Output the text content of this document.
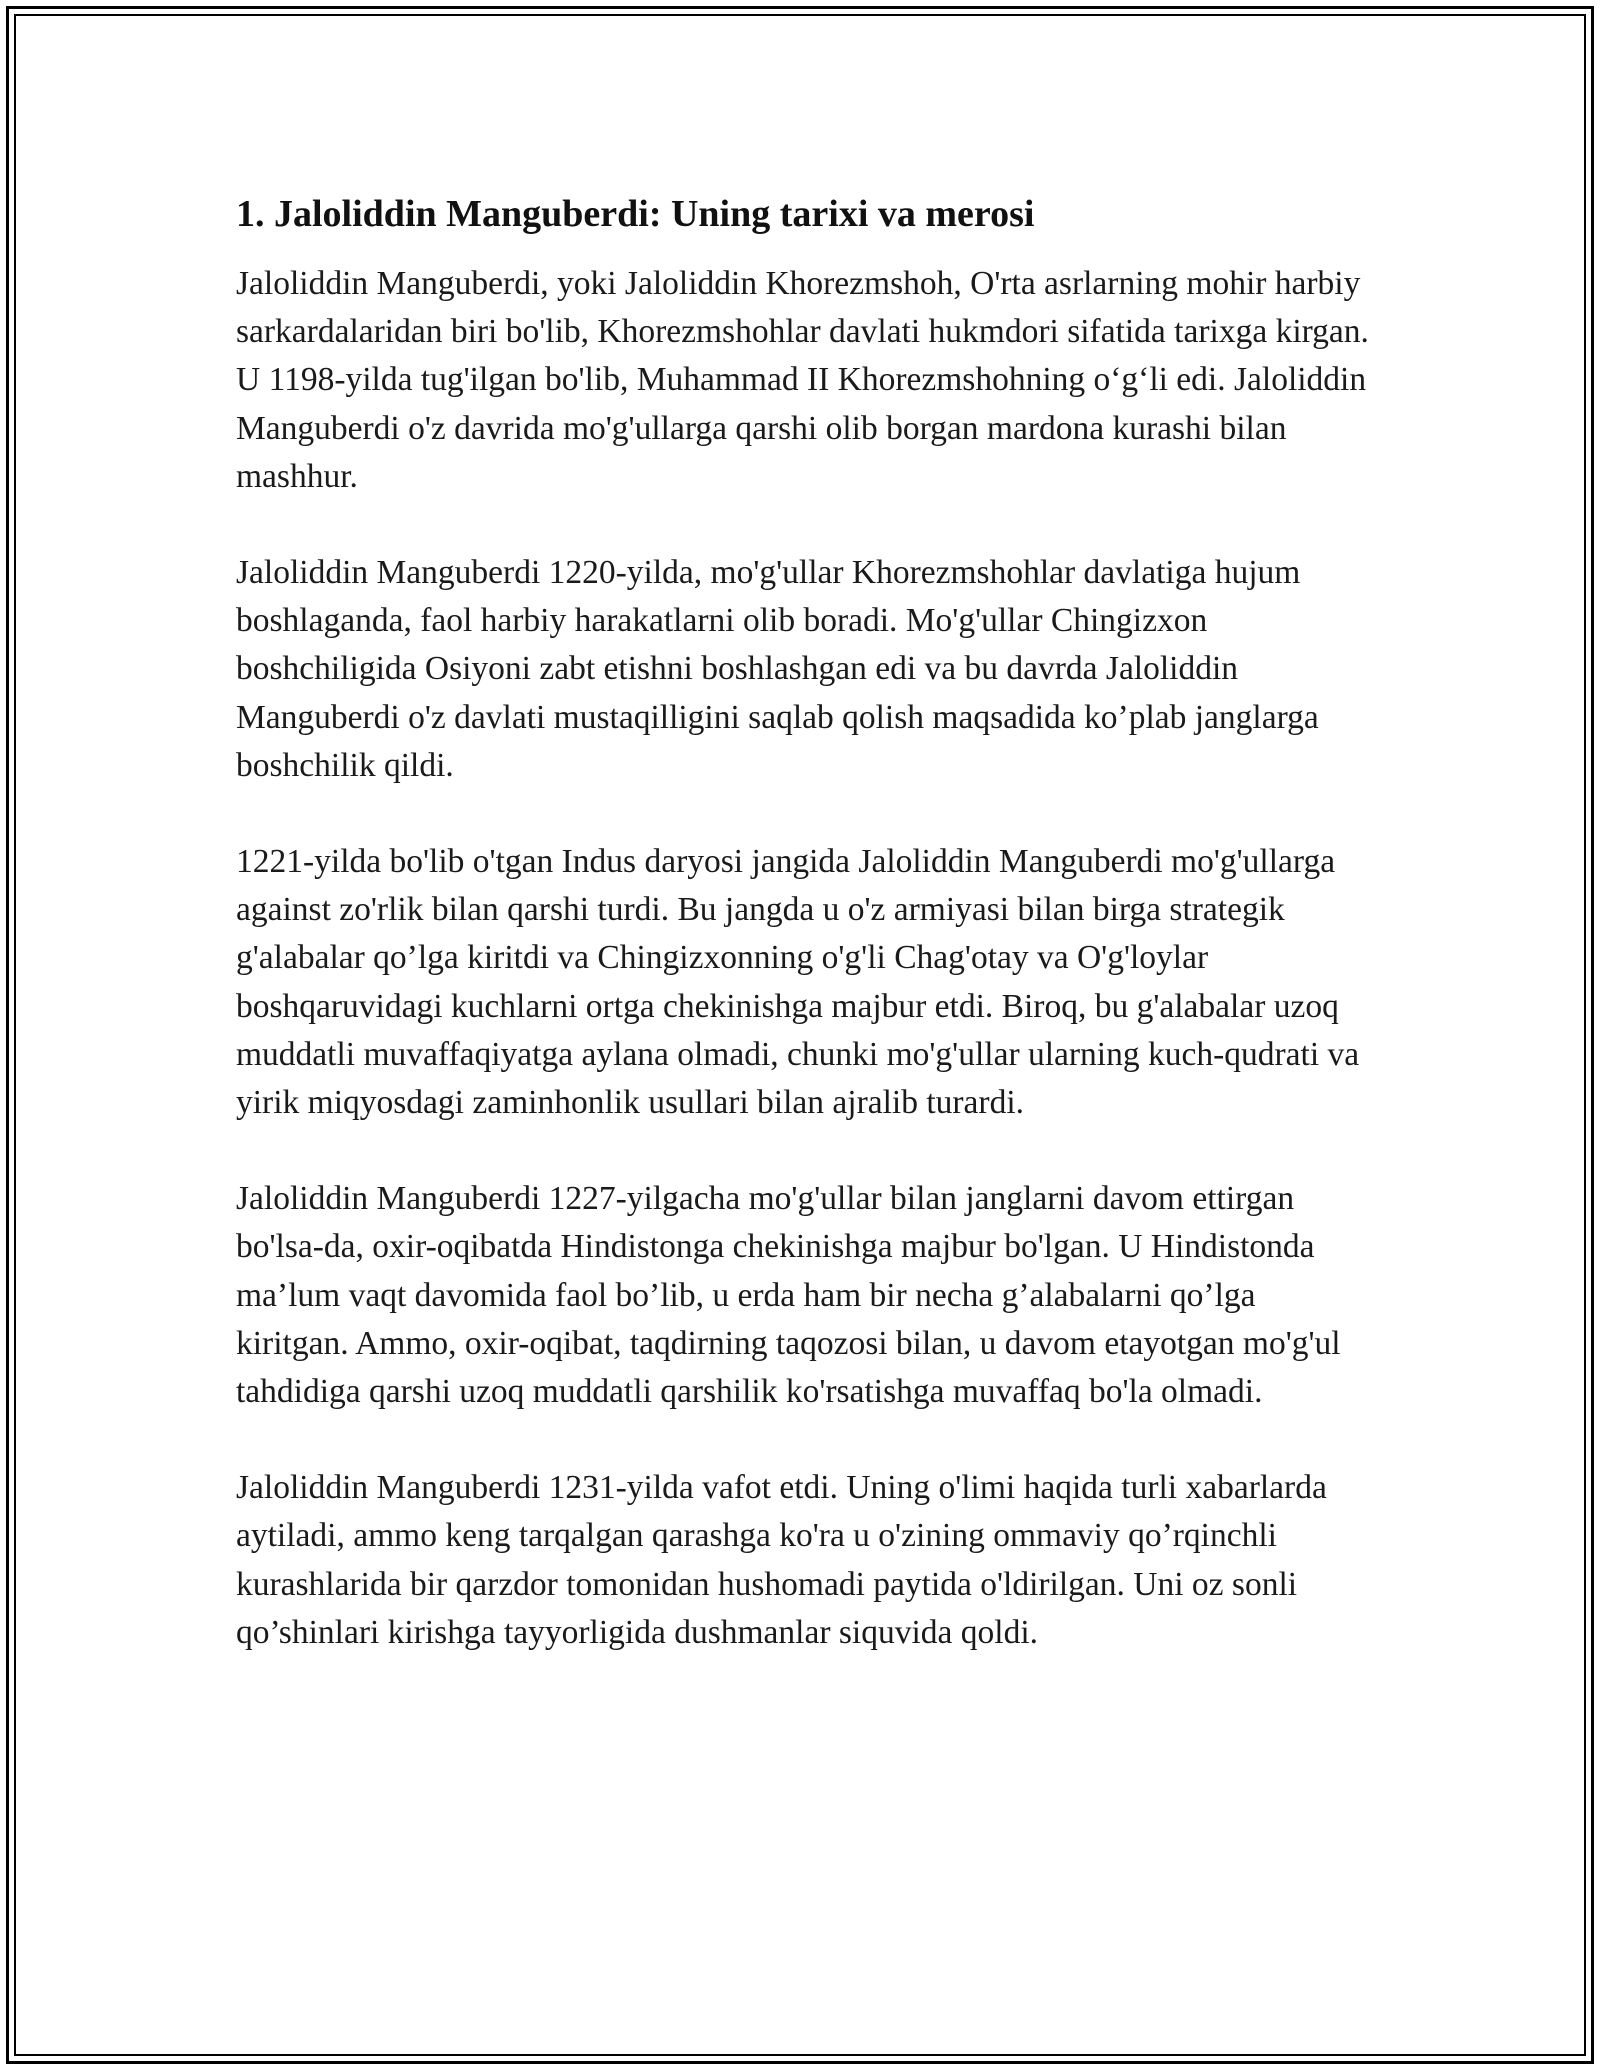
1. Jaloliddin Manguberdi: Uning tarixi va merosi

Jaloliddin Manguberdi, yoki Jaloliddin Khorezmshoh, O'rta asrlarning mohir harbiy sarkardalaridan biri bo'lib, Khorezmshohlar davlati hukmdori sifatida tarixga kirgan. U 1198-yilda tug'ilgan bo'lib, Muhammad II Khorezmshohning o‘g‘li edi. Jaloliddin Manguberdi o'z davrida mo'g'ullarga qarshi olib borgan mardona kurashi bilan mashhur.

Jaloliddin Manguberdi 1220-yilda, mo'g'ullar Khorezmshohlar davlatiga hujum boshlaganda, faol harbiy harakatlarni olib boradi. Mo'g'ullar Chingizxon boshchiligida Osiyoni zabt etishni boshlashgan edi va bu davrda Jaloliddin Manguberdi o'z davlati mustaqilligini saqlab qolish maqsadida ko’plab janglarga boshchilik qildi.

1221-yilda bo'lib o'tgan Indus daryosi jangida Jaloliddin Manguberdi mo'g'ullarga against zo'rlik bilan qarshi turdi. Bu jangda u o'z armiyasi bilan birga strategik g'alabalar qo’lga kiritdi va Chingizxonning o'g'li Chag'otay va O'g'loylar boshqaruvidagi kuchlarni ortga chekinishga majbur etdi. Biroq, bu g'alabalar uzoq muddatli muvaffaqiyatga aylana olmadi, chunki mo'g'ullar ularning kuch-qudrati va yirik miqyosdagi zaminhonlik usullari bilan ajralib turardi.

Jaloliddin Manguberdi 1227-yilgacha mo'g'ullar bilan janglarni davom ettirgan bo'lsa-da, oxir-oqibatda Hindistonga chekinishga majbur bo'lgan. U Hindistonda ma’lum vaqt davomida faol bo’lib, u erda ham bir necha g’alabalarni qo’lga kiritgan. Ammo, oxir-oqibat, taqdirning taqozosi bilan, u davom etayotgan mo'g'ul tahdidiga qarshi uzoq muddatli qarshilik ko'rsatishga muvaffaq bo'la olmadi.

Jaloliddin Manguberdi 1231-yilda vafot etdi. Uning o'limi haqida turli xabarlarda aytiladi, ammo keng tarqalgan qarashga ko'ra u o'zining ommaviy qo’rqinchli kurashlarida bir qarzdor tomonidan hushomadi paytida o'ldirilgan. Uni oz sonli qo’shinlari kirishga tayyorligida dushmanlar siquvida qoldi.
